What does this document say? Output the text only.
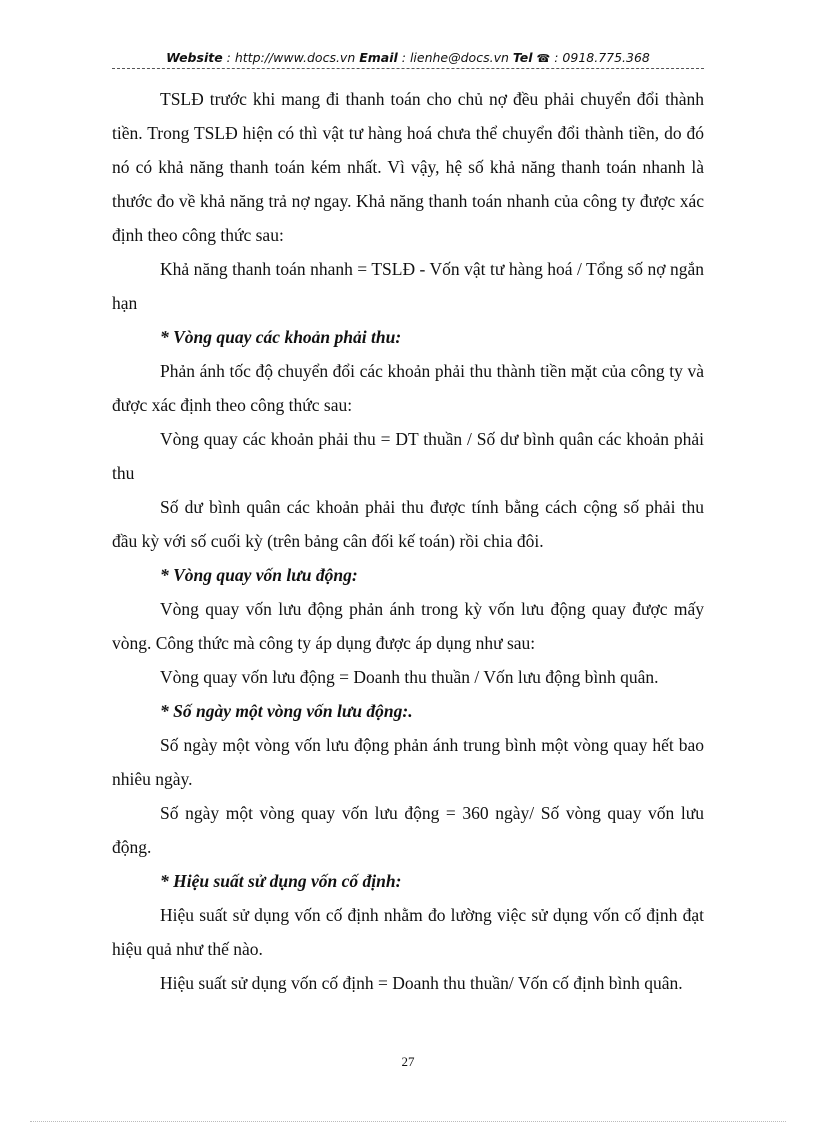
Website : http://www.docs.vn Email : lienhe@docs.vn Tel ☎ : 0918.775.368

TSLĐ trước khi mang đi thanh toán cho chủ nợ đều phải chuyển đổi thành tiền. Trong TSLĐ hiện có thì vật tư hàng hoá chưa thể chuyển đổi thành tiền, do đó nó có khả năng thanh toán kém nhất. Vì vậy, hệ số khả năng thanh toán nhanh là thước đo về khả năng trả nợ ngay. Khả năng thanh toán nhanh của công ty được xác định theo công thức sau:

Khả năng thanh toán nhanh = TSLĐ - Vốn vật tư hàng hoá / Tổng số nợ ngắn hạn

* Vòng quay các khoản phải thu:

Phản ánh tốc độ chuyển đổi các khoản phải thu thành tiền mặt của công ty và được xác định theo công thức sau:

Vòng quay các khoản phải thu = DT thuần / Số dư bình quân các khoản phải thu

Số dư bình quân các khoản phải thu được tính bằng cách cộng số phải thu đầu kỳ với số cuối kỳ (trên bảng cân đối kế toán) rồi chia đôi.

* Vòng quay vốn lưu động:

Vòng quay vốn lưu động phản ánh trong kỳ vốn lưu động quay được mấy vòng. Công thức mà công ty áp dụng được áp dụng như sau:

Vòng quay vốn lưu động = Doanh thu thuần / Vốn lưu động bình quân.

* Số ngày một vòng vốn lưu động:.

Số ngày một vòng vốn lưu động phản ánh trung bình một vòng quay hết bao nhiêu ngày.

Số ngày một vòng quay vốn lưu động = 360 ngày/ Số vòng quay vốn lưu động.

* Hiệu suất sử dụng vốn cố định:

Hiệu suất sử dụng vốn cố định nhằm đo lường việc sử dụng vốn cố định đạt hiệu quả như thế nào.

Hiệu suất sử dụng vốn cố định = Doanh thu thuần/ Vốn cố định bình quân.

27
